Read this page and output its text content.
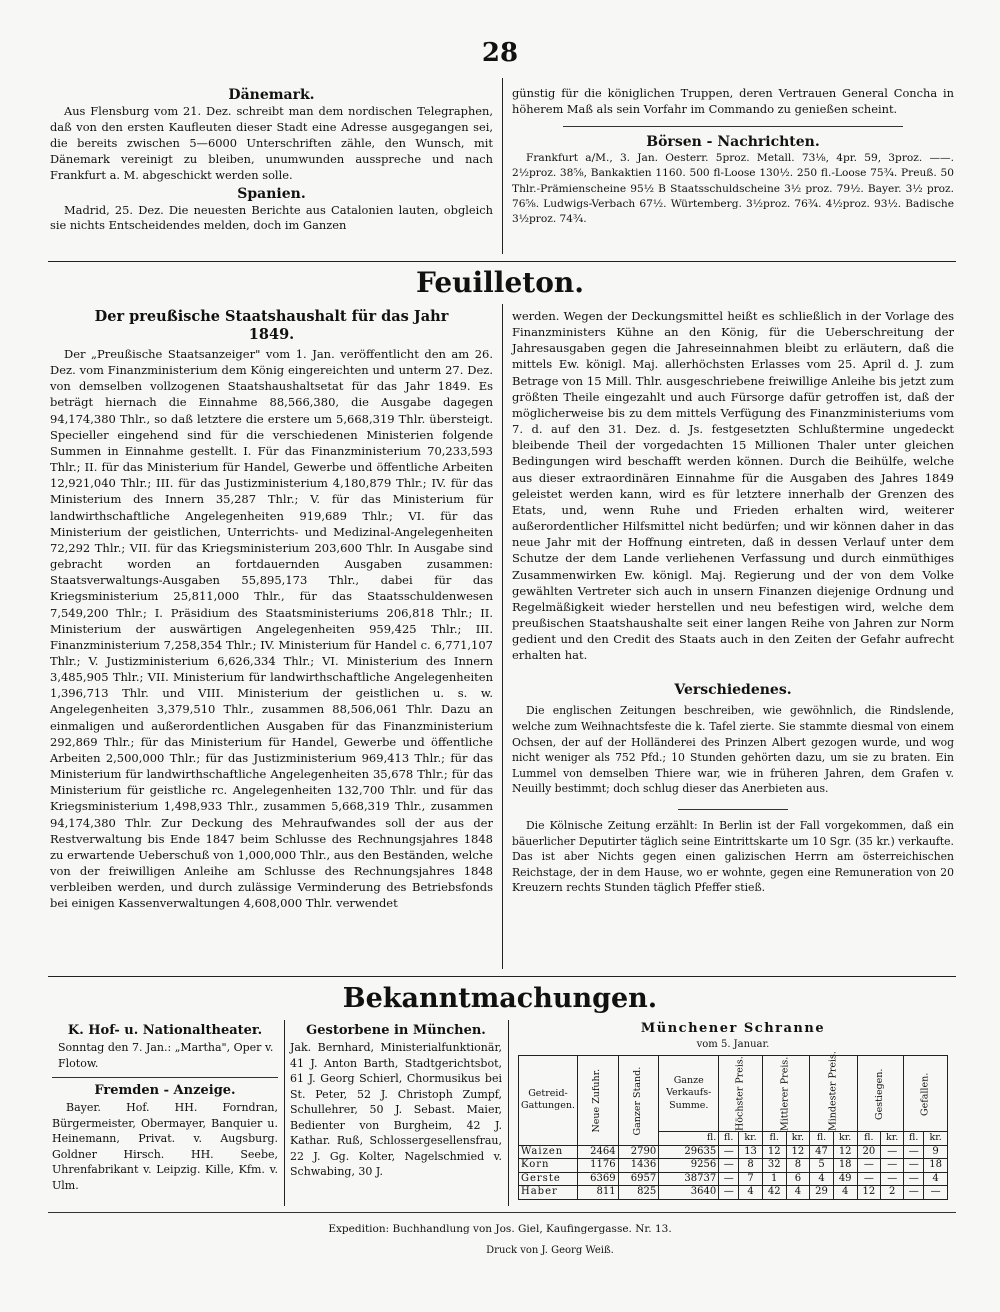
28
Dänemark.

Aus Flensburg vom 21. Dez. schreibt man dem nordischen Telegraphen, daß von den ersten Kaufleuten dieser Stadt eine Adresse ausgegangen sei, die bereits zwischen 5—6000 Unterschriften zähle, den Wunsch, mit Dänemark vereinigt zu bleiben, unumwunden ausspreche und nach Frankfurt a. M. abgeschickt werden solle.

Spanien.

Madrid, 25. Dez. Die neuesten Berichte aus Catalonien lauten, obgleich sie nichts Entscheidendes melden, doch im Ganzen

günstig für die königlichen Truppen, deren Vertrauen General Concha in höherem Maß als sein Vorfahr im Commando zu genießen scheint.

Börsen - Nachrichten.

Frankfurt a/M., 3. Jan. Oesterr. 5proz. Metall. 73⅛, 4pr. 59, 3proz. ——. 2½proz. 38⅝, Bankaktien 1160. 500 fl-Loose 130½. 250 fl.-Loose 75¾. Preuß. 50 Thlr.-Prämienscheine 95½ B Staatsschuldscheine 3½ proz. 79½. Bayer. 3½ proz. 76⅝. Ludwigs-Verbach 67½. Würtemberg. 3½proz. 76¾. 4½proz. 93½. Badische 3½proz. 74¾.

Feuilleton.
Der preußische Staatshaushalt für das Jahr 1849.

Der „Preußische Staatsanzeiger" vom 1. Jan. veröffentlicht den am 26. Dez. vom Finanzministerium dem König eingereichten und unterm 27. Dez. von demselben vollzogenen Staatshaushaltsetat für das Jahr 1849. Es beträgt hiernach die Einnahme 88,566,380, die Ausgabe dagegen 94,174,380 Thlr., so daß letztere die erstere um 5,668,319 Thlr. übersteigt. Specieller eingehend sind für die verschiedenen Ministerien folgende Summen in Einnahme gestellt. I. Für das Finanzministerium 70,233,593 Thlr.; II. für das Ministerium für Handel, Gewerbe und öffentliche Arbeiten 12,921,040 Thlr.; III. für das Justizministerium 4,180,879 Thlr.; IV. für das Ministerium des Innern 35,287 Thlr.; V. für das Ministerium für landwirthschaftliche Angelegenheiten 919,689 Thlr.; VI. für das Ministerium der geistlichen, Unterrichts- und Medizinal-Angelegenheiten 72,292 Thlr.; VII. für das Kriegsministerium 203,600 Thlr. In Ausgabe sind gebracht worden an fortdauernden Ausgaben zusammen: Staatsverwaltungs-Ausgaben 55,895,173 Thlr., dabei für das Kriegsministerium 25,811,000 Thlr., für das Staatsschuldenwesen 7,549,200 Thlr.; I. Präsidium des Staatsministeriums 206,818 Thlr.; II. Ministerium der auswärtigen Angelegenheiten 959,425 Thlr.; III. Finanzministerium 7,258,354 Thlr.; IV. Ministerium für Handel c. 6,771,107 Thlr.; V. Justizministerium 6,626,334 Thlr.; VI. Ministerium des Innern 3,485,905 Thlr.; VII. Ministerium für landwirthschaftliche Angelegenheiten 1,396,713 Thlr. und VIII. Ministerium der geistlichen u. s. w. Angelegenheiten 3,379,510 Thlr., zusammen 88,506,061 Thlr. Dazu an einmaligen und außerordentlichen Ausgaben für das Finanzministerium 292,869 Thlr.; für das Ministerium für Handel, Gewerbe und öffentliche Arbeiten 2,500,000 Thlr.; für das Justizministerium 969,413 Thlr.; für das Ministerium für landwirthschaftliche Angelegenheiten 35,678 Thlr.; für das Ministerium für geistliche rc. Angelegenheiten 132,700 Thlr. und für das Kriegsministerium 1,498,933 Thlr., zusammen 5,668,319 Thlr., zusammen 94,174,380 Thlr. Zur Deckung des Mehraufwandes soll der aus der Restverwaltung bis Ende 1847 beim Schlusse des Rechnungsjahres 1848 zu erwartende Ueberschuß von 1,000,000 Thlr., aus den Beständen, welche von der freiwilligen Anleihe am Schlusse des Rechnungsjahres 1848 verbleiben werden, und durch zulässige Verminderung des Betriebsfonds bei einigen Kassenverwaltungen 4,608,000 Thlr. verwendet

werden. Wegen der Deckungsmittel heißt es schließlich in der Vorlage des Finanzministers Kühne an den König, für die Ueberschreitung der Jahresausgaben gegen die Jahreseinnahmen bleibt zu erläutern, daß die mittels Ew. königl. Maj. allerhöchsten Erlasses vom 25. April d. J. zum Betrage von 15 Mill. Thlr. ausgeschriebene freiwillige Anleihe bis jetzt zum größten Theile eingezahlt und auch Fürsorge dafür getroffen ist, daß der möglicherweise bis zu dem mittels Verfügung des Finanzministeriums vom 7. d. auf den 31. Dez. d. Js. festgesetzten Schlußtermine ungedeckt bleibende Theil der vorgedachten 15 Millionen Thaler unter gleichen Bedingungen wird beschafft werden können. Durch die Beihülfe, welche aus dieser extraordinären Einnahme für die Ausgaben des Jahres 1849 geleistet werden kann, wird es für letztere innerhalb der Grenzen des Etats, und, wenn Ruhe und Frieden erhalten wird, weiterer außerordentlicher Hilfsmittel nicht bedürfen; und wir können daher in das neue Jahr mit der Hoffnung eintreten, daß in dessen Verlauf unter dem Schutze der dem Lande verliehenen Verfassung und durch einmüthiges Zusammenwirken Ew. königl. Maj. Regierung und der von dem Volke gewählten Vertreter sich auch in unsern Finanzen diejenige Ordnung und Regelmäßigkeit wieder herstellen und neu befestigen wird, welche dem preußischen Staatshaushalte seit einer langen Reihe von Jahren zur Norm gedient und den Credit des Staats auch in den Zeiten der Gefahr aufrecht erhalten hat.

Verschiedenes.

Die englischen Zeitungen beschreiben, wie gewöhnlich, die Rindslende, welche zum Weihnachtsfeste die k. Tafel zierte. Sie stammte diesmal von einem Ochsen, der auf der Holländerei des Prinzen Albert gezogen wurde, und wog nicht weniger als 752 Pfd.; 10 Stunden gehörten dazu, um sie zu braten. Ein Lummel von demselben Thiere war, wie in früheren Jahren, dem Grafen v. Neuilly bestimmt; doch schlug dieser das Anerbieten aus.

Die Kölnische Zeitung erzählt: In Berlin ist der Fall vorgekommen, daß ein bäuerlicher Deputirter täglich seine Eintrittskarte um 10 Sgr. (35 kr.) verkaufte. Das ist aber Nichts gegen einen galizischen Herrn am österreichischen Reichstage, der in dem Hause, wo er wohnte, gegen eine Remuneration von 20 Kreuzern rechts Stunden täglich Pfeffer stieß.

Bekanntmachungen.
K. Hof- u. Nationaltheater.

Sonntag den 7. Jan.: „Martha", Oper v. Flotow.

Fremden - Anzeige.

Bayer. Hof. HH. Forndran, Bürgermeister, Obermayer, Banquier u. Heinemann, Privat. v. Augsburg. Goldner Hirsch. HH. Seebe, Uhrenfabrikant v. Leipzig. Kille, Kfm. v. Ulm.

Gestorbene in München.

Jak. Bernhard, Ministerialfunktionär, 41 J. Anton Barth, Stadtgerichtsbot, 61 J. Georg Schierl, Chormusikus bei St. Peter, 52 J. Christoph Zumpf, Schullehrer, 50 J. Sebast. Maier, Bedienter von Burgheim, 42 J. Kathar. Ruß, Schlossergesellensfrau, 22 J. Gg. Kolter, Nagelschmied v. Schwabing, 30 J.

Münchener Schranne
vom 5. Januar.
Getreid-Gattungen.	Neue Zufuhr.	Ganzer Stand.	Ganze Verkaufs-Summe.	Höchster Preis.		Mittlerer Preis.		Mindester Preis.		Gestiegen.		Gefallen.	
			fl.	fl.	kr.	fl.	kr.	fl.	kr.	fl.	kr.	fl.	kr.
Waizen	2464	2790	29635	—	13	12	12	47	12	20	—	—	9
Korn	1176	1436	9256	—	8	32	8	5	18	—	—	—	18
Gerste	6369	6957	38737	—	7	1	6	4	49	—	—	—	4
Haber	811	825	3640	—	4	42	4	29	4	12	2	—	—
Expedition: Buchhandlung von Jos. Giel, Kaufingergasse. Nr. 13.
Druck von J. Georg Weiß.
